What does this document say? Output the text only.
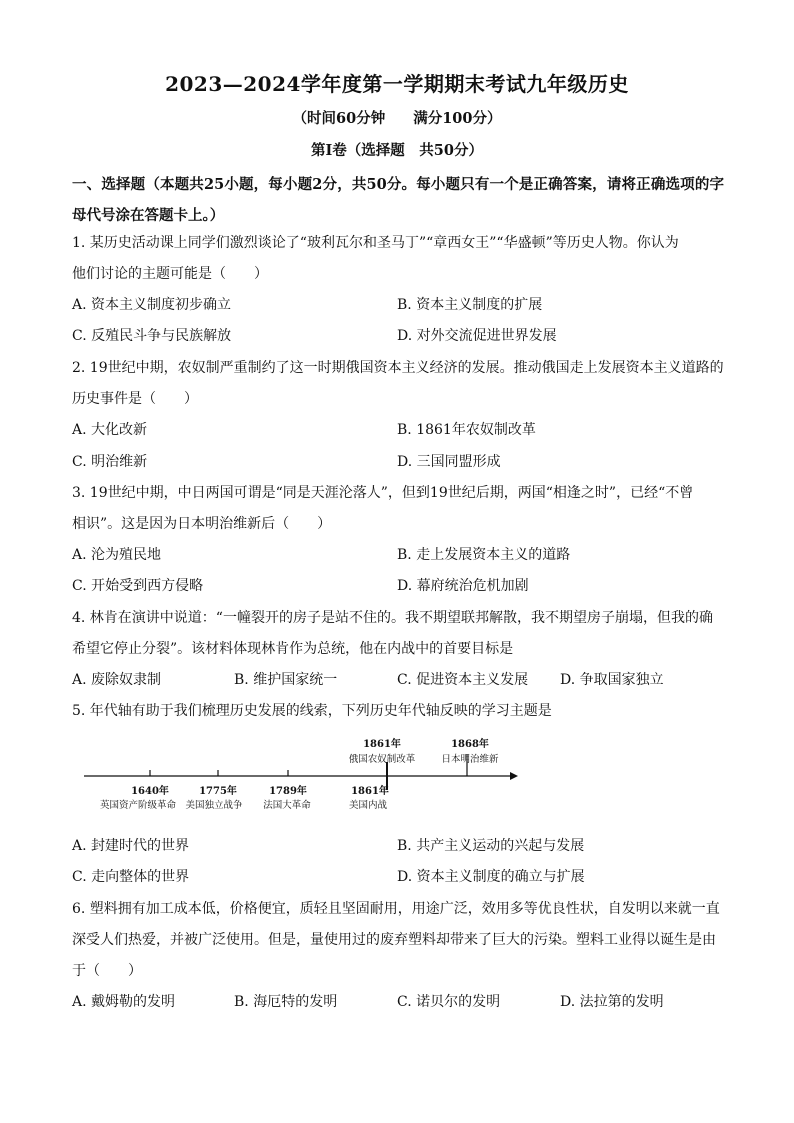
2023—2024学年度第一学期期末考试九年级历史
（时间60分钟 满分100分）
第Ⅰ卷（选择题　共50分）
一、选择题（本题共25小题，每小题2分，共50分。每小题只有一个是正确答案，请将正确选项的字母代号涂在答题卡上。）
1. 某历史活动课上同学们激烈谈论了“玻利瓦尔和圣马丁”“章西女王”“华盛顿”等历史人物。你认为
他们讨论的主题可能是（　　）
A. 资本主义制度初步确立	B. 资本主义制度的扩展
C. 反殖民斗争与民族解放	D. 对外交流促进世界发展
2. 19世纪中期，农奴制严重制约了这一时期俄国资本主义经济的发展。推动俄国走上发展资本主义道路的
历史事件是（　　）
A. 大化改新	B. 1861年农奴制改革
C. 明治维新	D. 三国同盟形成
3. 19世纪中期，中日两国可谓是“同是天涯沦落人”，但到19世纪后期，两国“相逢之时”，已经“不曾
相识”。这是因为日本明治维新后（　　）
A. 沦为殖民地	B. 走上发展资本主义的道路
C. 开始受到西方侵略	D. 幕府统治危机加剧
4. 林肯在演讲中说道：“一幢裂开的房子是站不住的。我不期望联邦解散，我不期望房子崩塌，但我的确
希望它停止分裂”。该材料体现林肯作为总统，他在内战中的首要目标是
A. 废除奴隶制	B. 维护国家统一	C. 促进资本主义发展 D. 争取国家独立
5. 年代轴有助于我们梳理历史发展的线索，下列历史年代轴反映的学习主题是
1640年
英国资产阶级革命
1775年
美国独立战争
1789年
法国大革命
1861年
美国内战
1861年
俄国农奴制改革
1868年
日本明治维新
A. 封建时代的世界	B. 共产主义运动的兴起与发展
C. 走向整体的世界	D. 资本主义制度的确立与扩展
6. 塑料拥有加工成本低，价格便宜，质轻且坚固耐用，用途广泛，效用多等优良性状，自发明以来就一直
深受人们热爱，并被广泛使用。但是，量使用过的废弃塑料却带来了巨大的污染。塑料工业得以诞生是由
于（　　）
A. 戴姆勒的发明	B. 海厄特的发明	C. 诺贝尔的发明	D. 法拉第的发明
